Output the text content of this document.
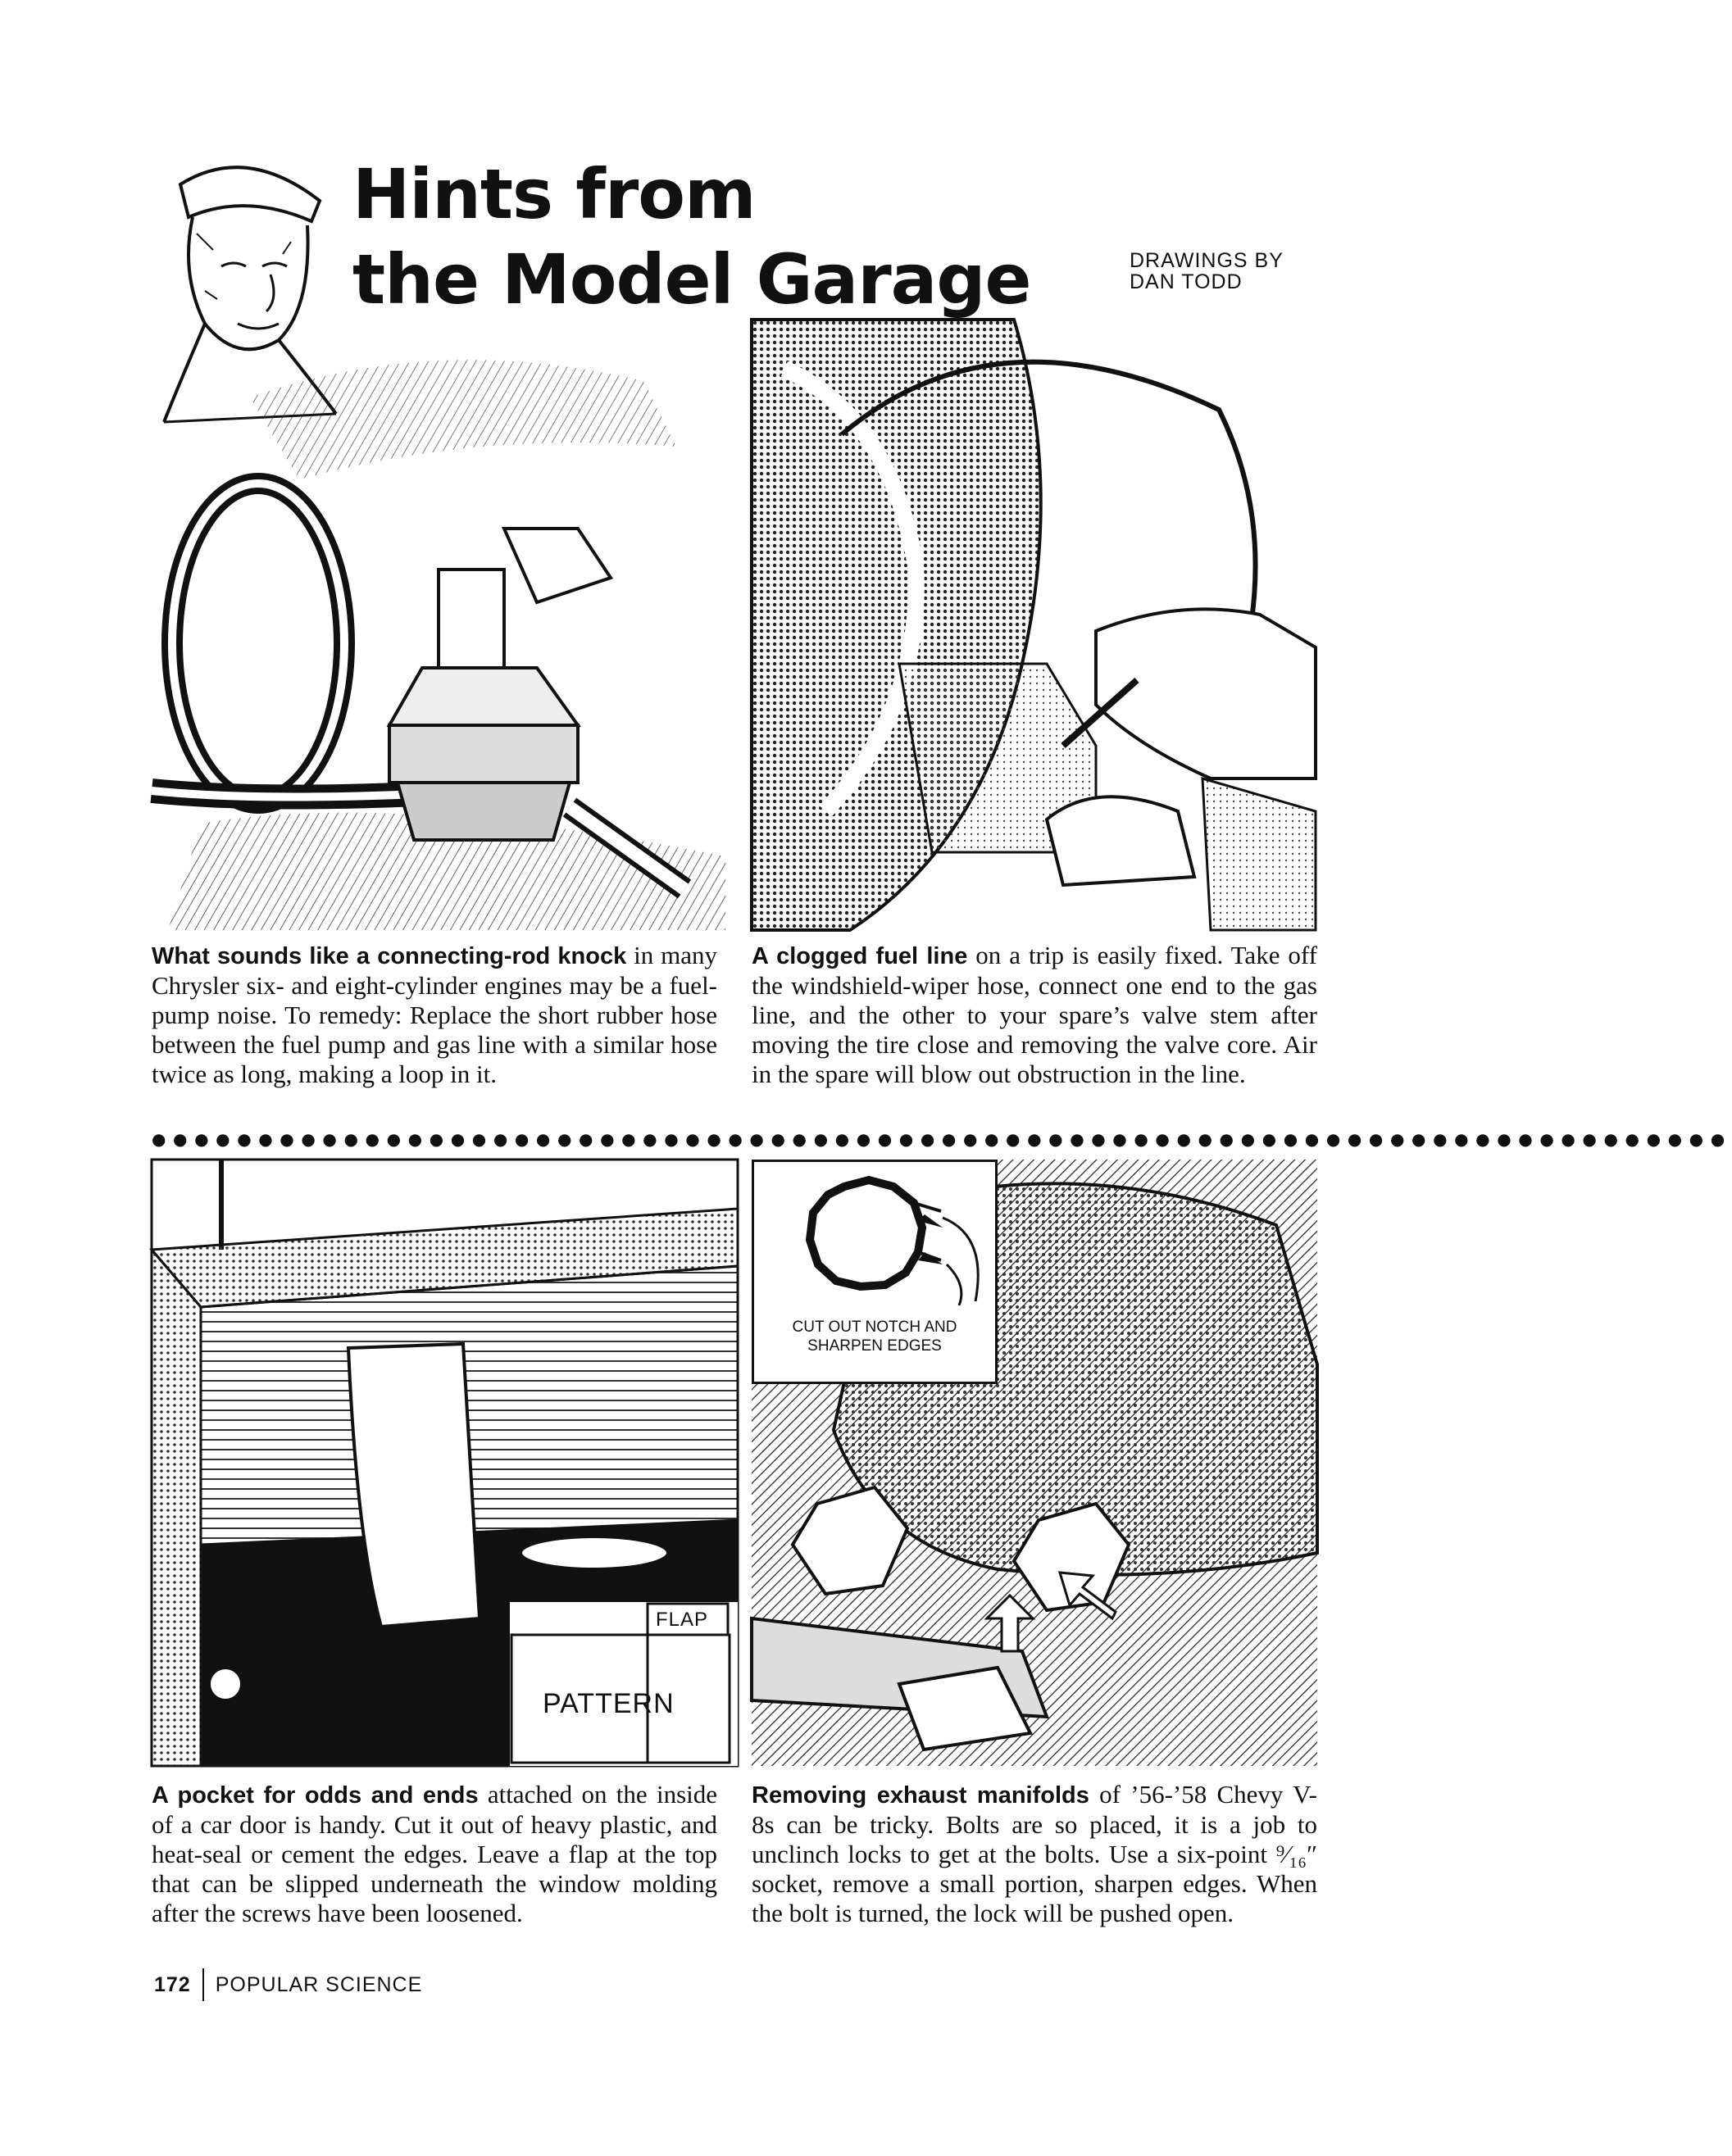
Hints from
the Model Garage	DRAWINGS BY
DAN TODD
What sounds like a connecting-rod knock in many Chrysler six- and eight-cylinder engines may be a fuel-pump noise. To remedy: Replace the short rubber hose between the fuel pump and gas line with a similar hose twice as long, making a loop in it.
A clogged fuel line on a trip is easily fixed. Take off the windshield-wiper hose, connect one end to the gas line, and the other to your spare’s valve stem after moving the tire close and removing the valve core. Air in the spare will blow out obstruction in the line.
●●●●●●●●●●●●●●●●●●●●●●●●●●●●●●●●●●●●●●●●●●●●●●●●●●●●●●●●●●●●●●●●●●●●●●●●●●
FLAP
PATTERN
CUT OUT NOTCH AND
SHARPEN EDGES
A pocket for odds and ends attached on the inside of a car door is handy. Cut it out of heavy plastic, and heat-seal or cement the edges. Leave a flap at the top that can be slipped underneath the window molding after the screws have been loosened.
Removing exhaust manifolds of ’56-’58 Chevy V-8s can be tricky. Bolts are so placed, it is a job to unclinch locks to get at the bolts. Use a six-point ⁹⁄₁₆″ socket, remove a small portion, sharpen edges. When the bolt is turned, the lock will be pushed open.
172 POPULAR SCIENCE
